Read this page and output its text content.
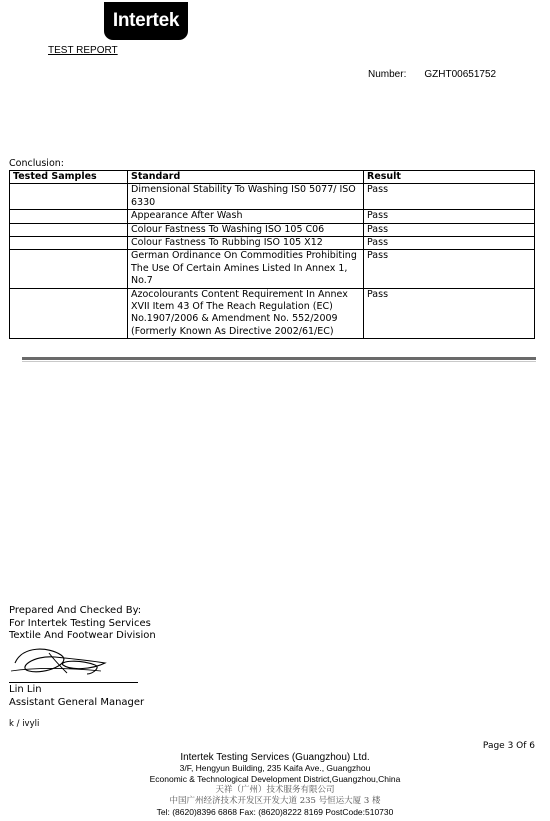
Intertek
TEST REPORT
Number: GZHT00651752
Conclusion:
Tested Samples	Standard	Result
	Dimensional Stability To Washing IS0 5077/ ISO 6330	Pass
	Appearance After Wash	Pass
	Colour Fastness To Washing ISO 105 C06	Pass
	Colour Fastness To Rubbing ISO 105 X12	Pass
	German Ordinance On Commodities Prohibiting The Use Of Certain Amines Listed In Annex 1, No.7	Pass
	Azocolourants Content Requirement In Annex XVII Item 43 Of The Reach Regulation (EC) No.1907/2006 & Amendment No. 552/2009 (Formerly Known As Directive 2002/61/EC)	Pass
Prepared And Checked By:
For Intertek Testing Services
Textile And Footwear Division
Lin Lin
Assistant General Manager
k / ivyli
Page 3 Of 6
Intertek Testing Services (Guangzhou) Ltd.
3/F, Hengyun Building, 235 Kaifa Ave., Guangzhou
Economic & Technological Development District,Guangzhou,China
天祥（广州）技术服务有限公司
中国广州经济技术开发区开发大道 235 号恒运大厦 3 楼
Tel: (8620)8396 6868 Fax: (8620)8222 8169 PostCode:510730
